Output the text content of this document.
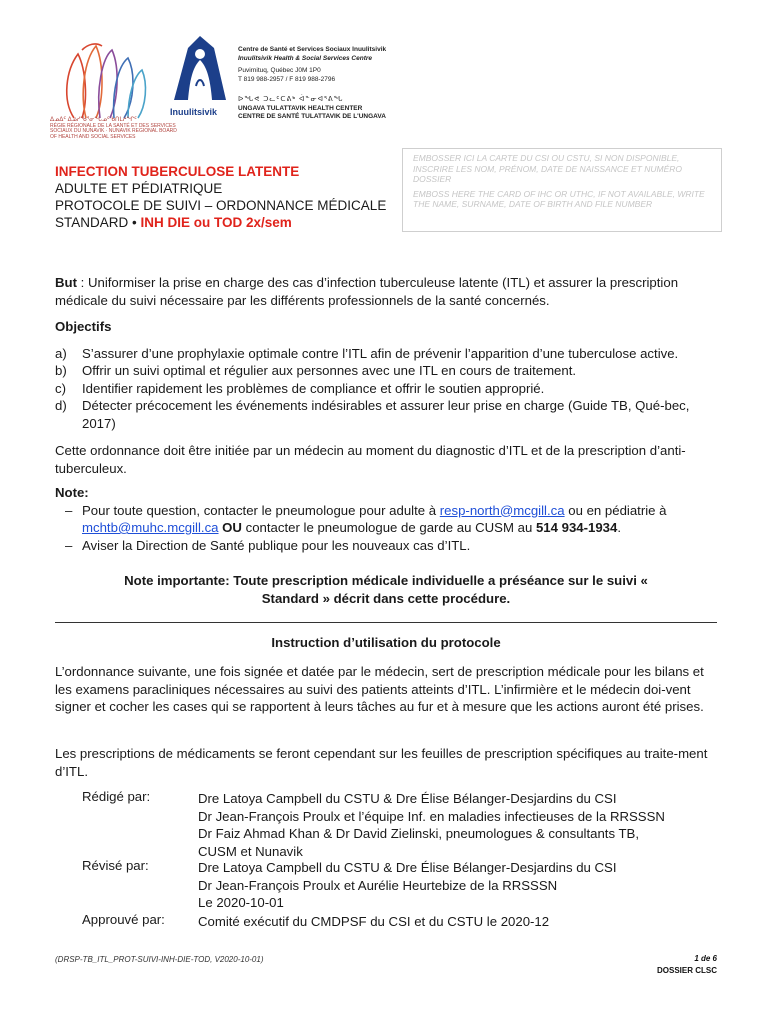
ᐃᓄᐃᑦ ᐃᓅᓯᖃᕐᓂᖓᓄᑦ ᑲᑎᒪᔨᖏᑦ
RÉGIE RÉGIONALE DE LA SANTÉ ET DES SERVICES SOCIAUX DU NUNAVIK · NUNAVIK REGIONAL BOARD OF HEALTH AND SOCIAL SERVICES
ᐃᓄᓕᑦᓯᕕᒃ
Inuulitsivik
Centre de Santé et Services Sociaux Inuulitsivik
Inuulitsivik Health & Social Services Centre
Puvirnituq, Québec J0M 1P0
T 819 988-2957 / F 819 988-2796
ᐅᖓᕙ ᑐᓚᑦᑕᕕᒃ ᐋᓐᓂᐊᕐᕕᖓ
UNGAVA TULATTAVIK HEALTH CENTER
CENTRE DE SANTÉ TULATTAVIK DE L'UNGAVA
INFECTION TUBERCULOSE LATENTE
ADULTE ET PÉDIATRIQUE
PROTOCOLE DE SUIVI – ORDONNANCE MÉDICALE
STANDARD • INH DIE ou TOD 2x/sem

EMBOSSER ICI LA CARTE DU CSI OU CSTU, SI NON DISPONIBLE, INSCRIRE LES NOM, PRÉNOM, DATE DE NAISSANCE ET NUMÉRO DOSSIER

EMBOSS HERE THE CARD OF IHC OR UTHC, IF NOT AVAILABLE, WRITE THE NAME, SURNAME, DATE OF BIRTH AND FILE NUMBER

But : Uniformiser la prise en charge des cas d’infection tuberculeuse latente (ITL) et assurer la prescription médicale du suivi nécessaire par les différents professionnels de la santé concernés.

Objectifs

a) S’assurer d’une prophylaxie optimale contre l’ITL afin de prévenir l’apparition d’une tuberculose active.
b) Offrir un suivi optimal et régulier aux personnes avec une ITL en cours de traitement.
c) Identifier rapidement les problèmes de compliance et offrir le soutien approprié.
d) Détecter précocement les événements indésirables et assurer leur prise en charge (Guide TB, Qué-bec, 2017)

Cette ordonnance doit être initiée par un médecin au moment du diagnostic d’ITL et de la prescription d’anti-tuberculeux.

Note:

– Pour toute question, contacter le pneumologue pour adulte à resp-north@mcgill.ca ou en pédiatrie à mchtb@muhc.mcgill.ca OU contacter le pneumologue de garde au CUSM au 514 934-1934.
– Aviser la Direction de Santé publique pour les nouveaux cas d’ITL.
Note importante: Toute prescription médicale individuelle a préséance sur le suivi « Standard » décrit dans cette procédure.
Instruction d’utilisation du protocole
L’ordonnance suivante, une fois signée et datée par le médecin, sert de prescription médicale pour les bilans et les examens paracliniques nécessaires au suivi des patients atteints d’ITL. L’infirmière et le médecin doi-vent signer et cocher les cases qui se rapportent à leurs tâches au fur et à mesure que les actions auront été prises.
Les prescriptions de médicaments se feront cependant sur les feuilles de prescription spécifiques au traite-ment d’ITL.
Rédigé par:	Dre Latoya Campbell du CSTU & Dre Élise Bélanger-Desjardins du CSI
Dr Jean-François Proulx et l’équipe Inf. en maladies infectieuses de la RRSSSN
Dr Faiz Ahmad Khan & Dr David Zielinski, pneumologues & consultants TB,
CUSM et Nunavik
Révisé par:	Dre Latoya Campbell du CSTU & Dre Élise Bélanger-Desjardins du CSI
Dr Jean-François Proulx et Aurélie Heurtebize de la RRSSSN
Le 2020-10-01
Approuvé par:	Comité exécutif du CMDPSF du CSI et du CSTU le 2020-12
(DRSP-TB_ITL_PROT-SUIVI-INH-DIE-TOD, V2020-10-01)	1 de 6
DOSSIER CLSC
